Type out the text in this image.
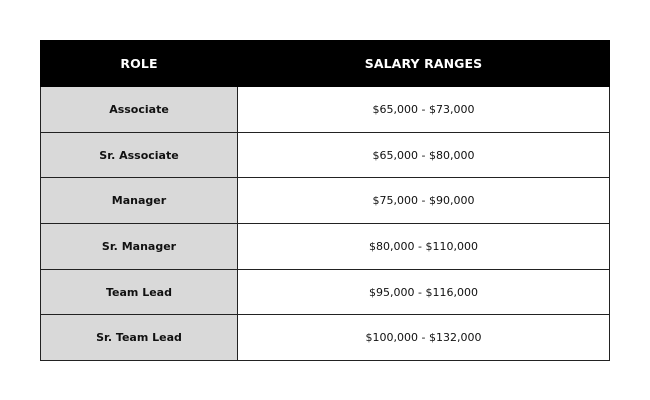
ROLE	SALARY RANGES
Associate	$65,000 - $73,000
Sr. Associate	$65,000 - $80,000
Manager	$75,000 - $90,000
Sr. Manager	$80,000 - $110,000
Team Lead	$95,000 - $116,000
Sr. Team Lead	$100,000 - $132,000
